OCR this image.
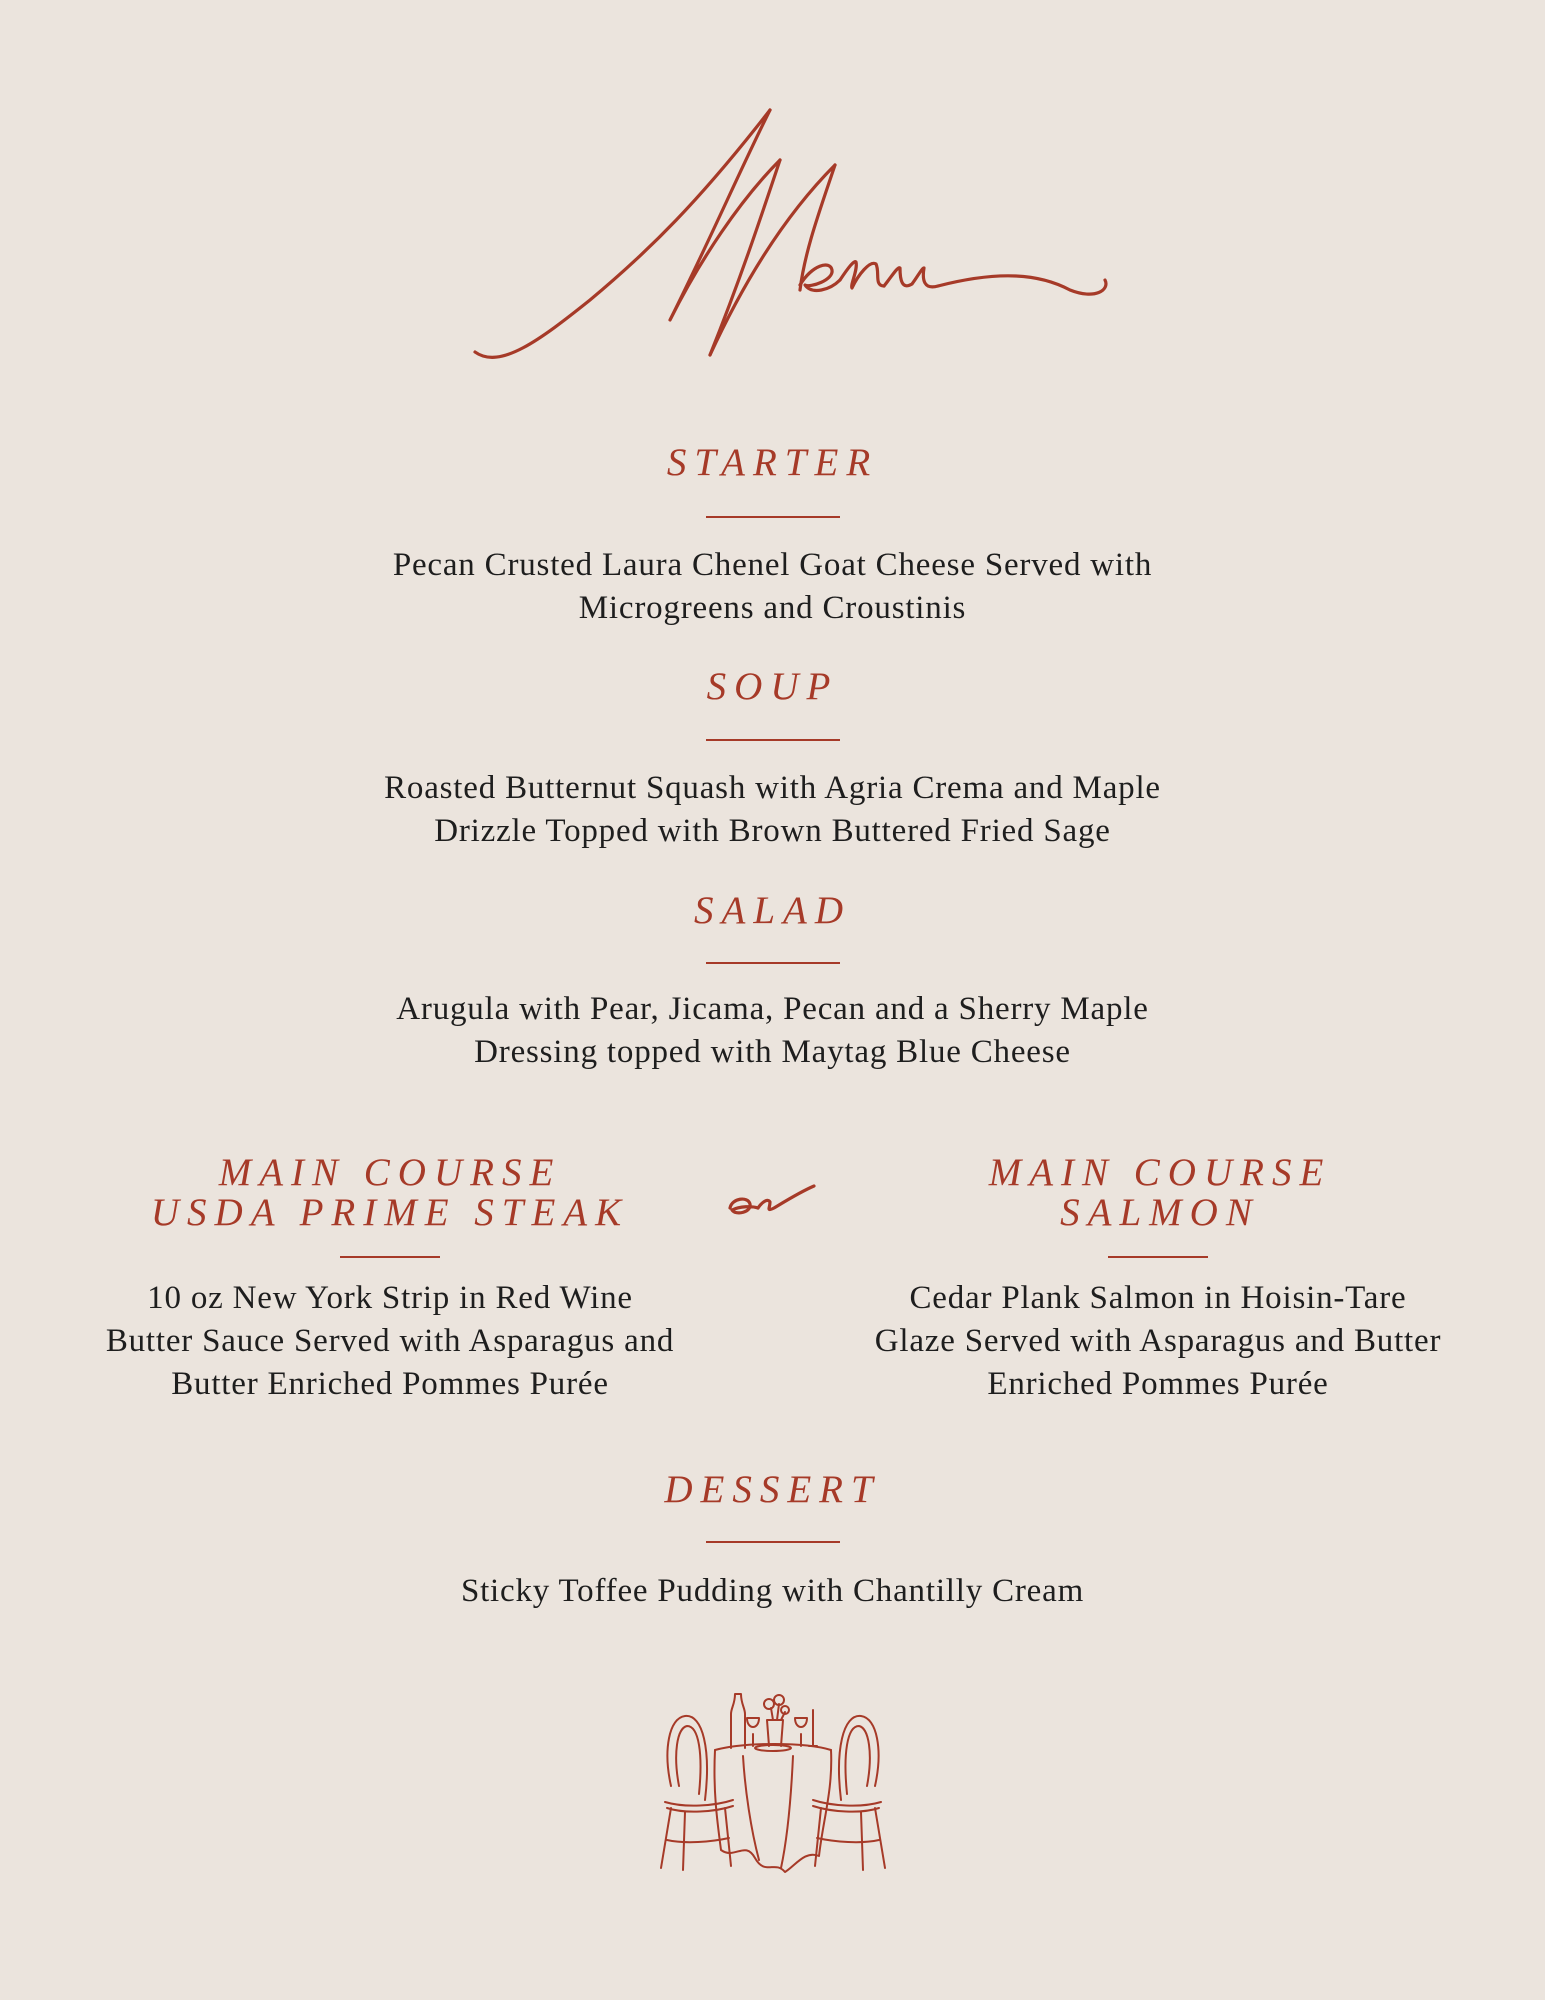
STARTER
Pecan Crusted Laura Chenel Goat Cheese Served with
Microgreens and Croustinis
SOUP
Roasted Butternut Squash with Agria Crema and Maple
Drizzle Topped with Brown Buttered Fried Sage
SALAD
Arugula with Pear, Jicama, Pecan and a Sherry Maple
Dressing topped with Maytag Blue Cheese
MAIN COURSE
USDA PRIME STEAK
10 oz New York Strip in Red Wine
Butter Sauce Served with Asparagus and
Butter Enriched Pommes Purée
MAIN COURSE
SALMON
Cedar Plank Salmon in Hoisin-Tare
Glaze Served with Asparagus and Butter
Enriched Pommes Purée
DESSERT
Sticky Toffee Pudding with Chantilly Cream
